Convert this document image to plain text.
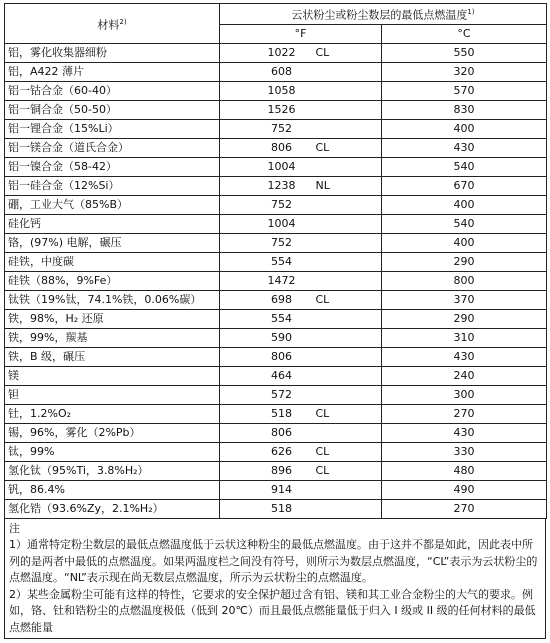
材料$^{2)}$	云状粉尘或粉尘数层的最低点燃温度$^{1)}$
	°F	°C
铝，雾化收集器细粉	1022 CL	550
铝，A422 薄片	608	320
铝一钴合金（60-40）	1058	570
铝一铜合金（50-50）	1526	830
铝一锂合金（15%Li）	752	400
铝一镁合金（道氏合金）	806 CL	430
铝一镍合金（58-42）	1004	540
铝一硅合金（12%Si）	1238 NL	670
硼，工业大气（85%B）	752	400
硅化钙	1004	540
铬，(97%) 电解，碾压	752	400
硅铁，中度碳	554	290
硅铁（88%，9%Fe）	1472	800
钛铁（19%钛，74.1%铁，0.06%碳）	698 CL	370
铁，98%，H₂ 还原	554	290
铁，99%，羰基	590	310
铁，B 级，碾压	806	430
镁	464	240
钽	572	300
钍，1.2%O₂	518 CL	270
锡，96%，雾化（2%Pb）	806	430
钛，99%	626 CL	330
氢化钛（95%Ti，3.8%H₂）	896 CL	480
钒，86.4%	914	490
氢化锆（93.6%Zy，2.1%H₂）	518	270

注

1）通常特定粉尘数层的最低点燃温度低于云状这种粉尘的最低点燃温度。由于这并不都是如此，因此表中所列的是两者中最低的点燃温度。如果两温度栏之间没有符号，则所示为数层点燃温度，“CL”表示为云状粉尘的点燃温度。“NL”表示现在尚无数层点燃温度，所示为云状粉尘的点燃温度。

2）某些金属粉尘可能有这样的特性，它要求的安全保护超过含有铝、镁和其工业合金粉尘的大气的要求。例如，铬、钍和锆粉尘的点燃温度极低（低到 20℃）而且最低点燃能量低于归入 I 级或 II 级的任何材料的最低点燃能量
